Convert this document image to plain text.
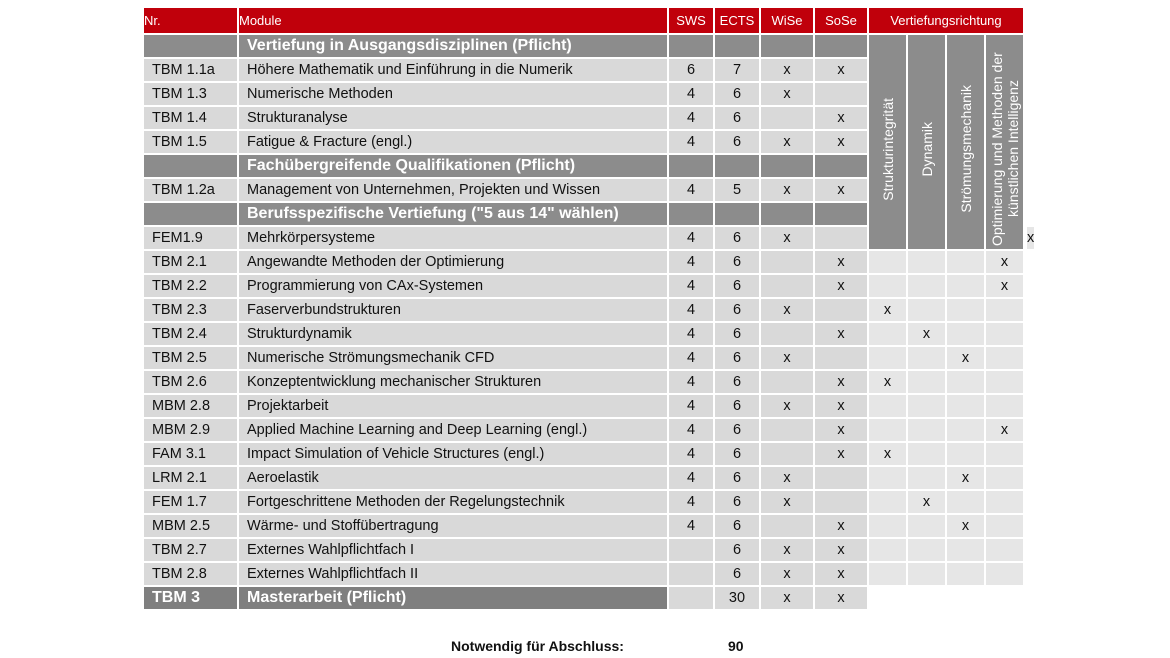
Nr.	Module	SWS	ECTS	WiSe	SoSe	Vertiefungsrichtung							
	Vertiefung in Ausgangsdisziplinen (Pflicht)					Strukturintegrität	Dynamik	Strömungsmechanik	Optimierung und Methoden der künstlichen Intelligenz				

TBM 1.1a	Höhere Mathematik und Einführung in die Numerik	6	7	x	x								
TBM 1.3	Numerische Methoden	4	6	x									
TBM 1.4	Strukturanalyse	4	6		x								
TBM 1.5	Fatigue & Fracture (engl.)	4	6	x	x								
	Fachübergreifende Qualifikationen (Pflicht)												
TBM 1.2a	Management von Unternehmen, Projekten und Wissen	4	5	x	x								
	Berufsspezifische Vertiefung ("5 aus 14" wählen)												
FEM1.9	Mehrkörpersysteme	4	6	x							x		
TBM 2.1	Angewandte Methoden der Optimierung	4	6		x				x				
TBM 2.2	Programmierung von CAx-Systemen	4	6		x				x				
TBM 2.3	Faserverbundstrukturen	4	6	x		x							
TBM 2.4	Strukturdynamik	4	6		x		x						
TBM 2.5	Numerische Strömungsmechanik CFD	4	6	x				x					
TBM 2.6	Konzeptentwicklung mechanischer Strukturen	4	6		x	x							
MBM 2.8	Projektarbeit	4	6	x	x								
MBM 2.9	Applied Machine Learning and Deep Learning (engl.)	4	6		x				x				
FAM 3.1	Impact Simulation of Vehicle Structures (engl.)	4	6		x	x							
LRM 2.1	Aeroelastik	4	6	x				x					
FEM 1.7	Fortgeschrittene Methoden der Regelungstechnik	4	6	x			x						
MBM 2.5	Wärme- und Stoffübertragung	4	6		x			x					
TBM 2.7	Externes Wahlpflichtfach I		6	x	x								
TBM 2.8	Externes Wahlpflichtfach II		6	x	x								
TBM 3	Masterarbeit (Pflicht)		30	x	x								
Notwendig für Abschluss:	90
